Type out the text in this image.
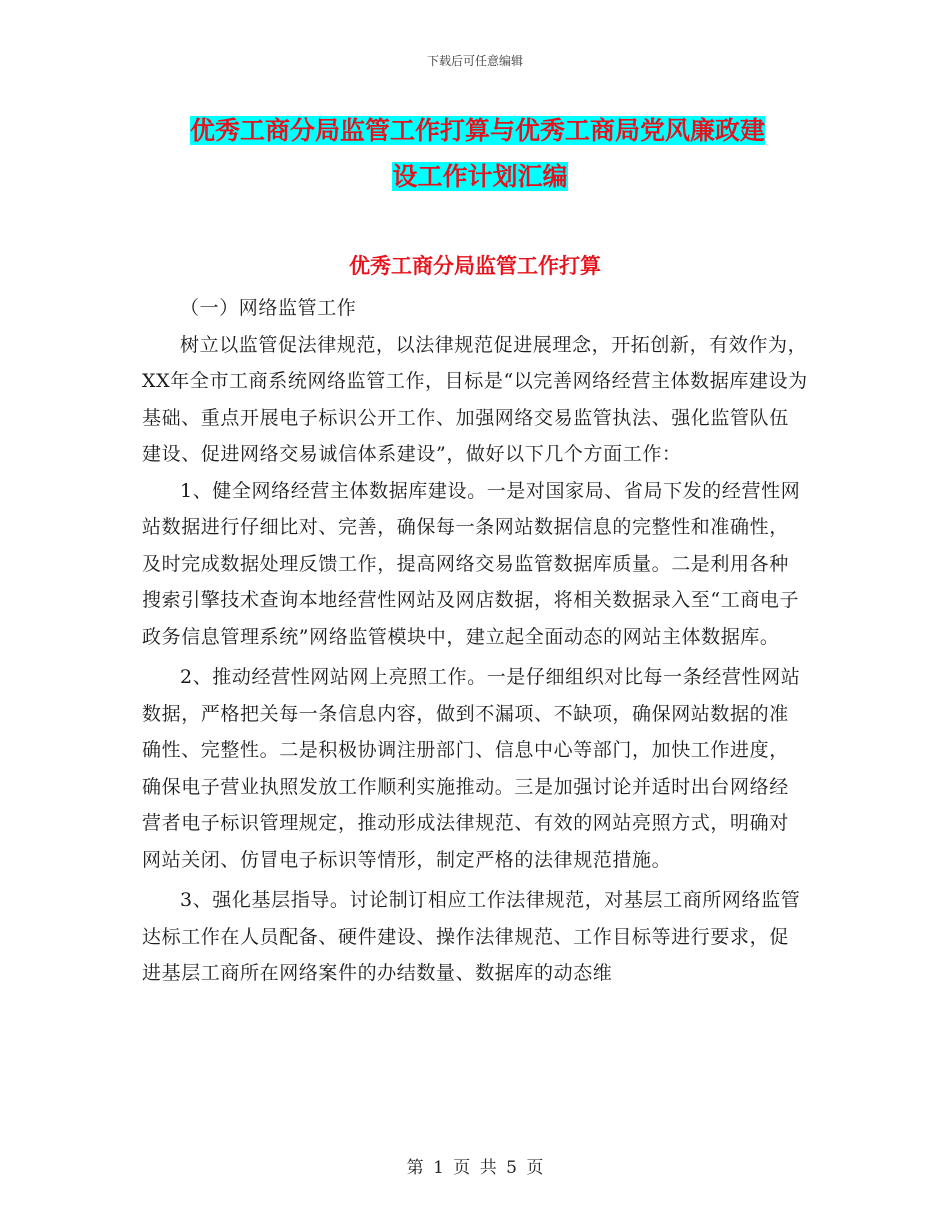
下载后可任意编辑
优秀工商分局监管工作打算与优秀工商局党风廉政建
设工作计划汇编
优秀工商分局监管工作打算

（一）网络监管工作

树立以监管促法律规范，以法律规范促进展理念，开拓创新，有效作为，XX年全市工商系统网络监管工作，目标是“以完善网络经营主体数据库建设为基础、重点开展电子标识公开工作、加强网络交易监管执法、强化监管队伍建设、促进网络交易诚信体系建设”，做好以下几个方面工作：

1、健全网络经营主体数据库建设。一是对国家局、省局下发的经营性网站数据进行仔细比对、完善，确保每一条网站数据信息的完整性和准确性，及时完成数据处理反馈工作，提高网络交易监管数据库质量。二是利用各种搜索引擎技术查询本地经营性网站及网店数据，将相关数据录入至“工商电子政务信息管理系统”网络监管模块中，建立起全面动态的网站主体数据库。

2、推动经营性网站网上亮照工作。一是仔细组织对比每一条经营性网站数据，严格把关每一条信息内容，做到不漏项、不缺项，确保网站数据的准确性、完整性。二是积极协调注册部门、信息中心等部门，加快工作进度，确保电子营业执照发放工作顺利实施推动。三是加强讨论并适时出台网络经营者电子标识管理规定，推动形成法律规范、有效的网站亮照方式，明确对网站关闭、仿冒电子标识等情形，制定严格的法律规范措施。

3、强化基层指导。讨论制订相应工作法律规范，对基层工商所网络监管达标工作在人员配备、硬件建设、操作法律规范、工作目标等进行要求，促进基层工商所在网络案件的办结数量、数据库的动态维

第 1 页 共 5 页
